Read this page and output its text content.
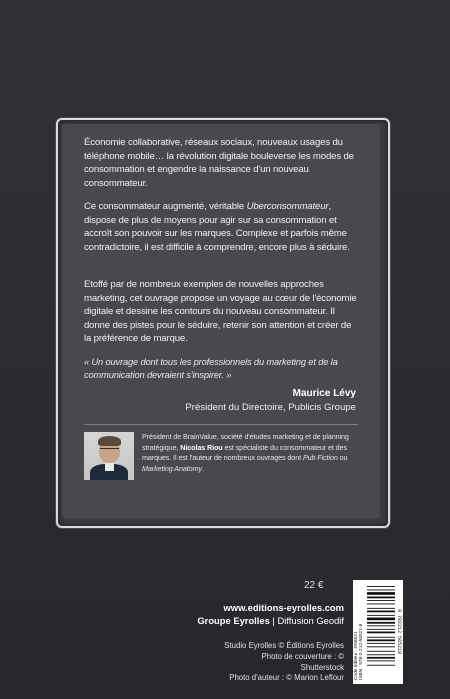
Économie collaborative, réseaux sociaux, nouveaux usages du téléphone mobile… la révolution digitale bouleverse les modes de consommation et engendre la naissance d'un nouveau consommateur.
Ce consommateur augmenté, véritable Uberconsommateur, dispose de plus de moyens pour agir sur sa consommation et accroît son pouvoir sur les marques. Complexe et parfois même contradictoire, il est difficile à comprendre, encore plus à séduire.
Etoffé par de nombreux exemples de nouvelles approches marketing, cet ouvrage propose un voyage au cœur de l'économie digitale et dessine les contours du nouveau consommateur. Il donne des pistes pour le séduire, retenir son attention et créer de la préférence de marque.
« Un ouvrage dont tous les professionnels du marketing et de la communication devraient s'inspirer. »
Maurice Lévy
Président du Directoire, Publicis Groupe
Président de BrainValue, société d'études marketing et de planning stratégique, Nicolas Riou est spécialiste du consommateur et des marques. Il est l'auteur de nombreux ouvrages dont Pub Fiction ou Marketing Anatomy.
22 €
www.editions-eyrolles.com
Groupe Eyrolles | Diffusion Geodif
Studio Eyrolles © Éditions Eyrolles
Photo de couverture : © Shutterstock
Photo d'auteur : © Marion Leflour Code éditeur : G56521 ISBN : 978-2-212-56521-8	9 782212 565218
